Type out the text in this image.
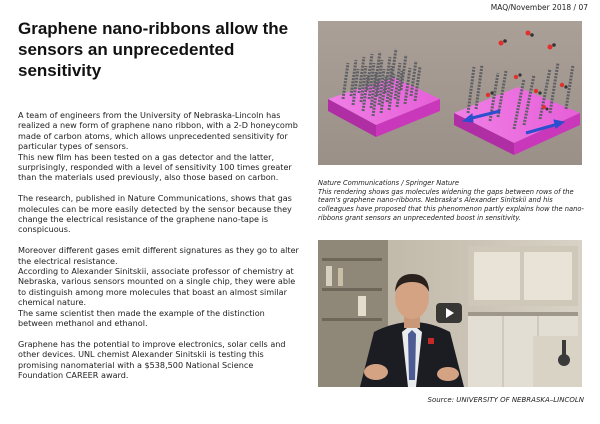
MAQ/November 2018 / 07
Graphene nano-ribbons allow the sensors an unprecedented sensitivity

A team of engineers from the University of Nebraska-Lincoln has realized a new form of graphene nano ribbon, with a 2-D honeycomb made of carbon atoms, which allows unprecedented sensitivity for particular types of sensors.

This new film has been tested on a gas detector and the latter, surprisingly, responded with a level of sensitivity 100 times greater than the materials used previously, also those based on carbon.

The research, published in Nature Communications, shows that gas molecules can be more easily detected by the sensor because they change the electrical resistance of the graphene nano-tape is conspicuous.

Moreover different gases emit different signatures as they go to alter the electrical resistance.

According to Alexander Sinitskii, associate professor of chemistry at Nebraska, various sensors mounted on a single chip, they were able to distinguish among more molecules that boast an almost similar chemical nature.

The same scientist then made the example of the distinction between methanol and ethanol.

Graphene has the potential to improve electronics, solar cells and other devices. UNL chemist Alexander Sinitskii is testing this promising nanomaterial with a $538,500 National Science Foundation CAREER award.

Nature Communications / Springer Nature
This rendering shows gas molecules widening the gaps between rows of the team's graphene nano-ribbons. Nebraska's Alexander Sinitskii and his colleagues have proposed that this phenomenon partly explains how the nano-ribbons grant sensors an unprecedented boost in sensitivity.
Source: UNIVERSITY OF NEBRASKA–LINCOLN
